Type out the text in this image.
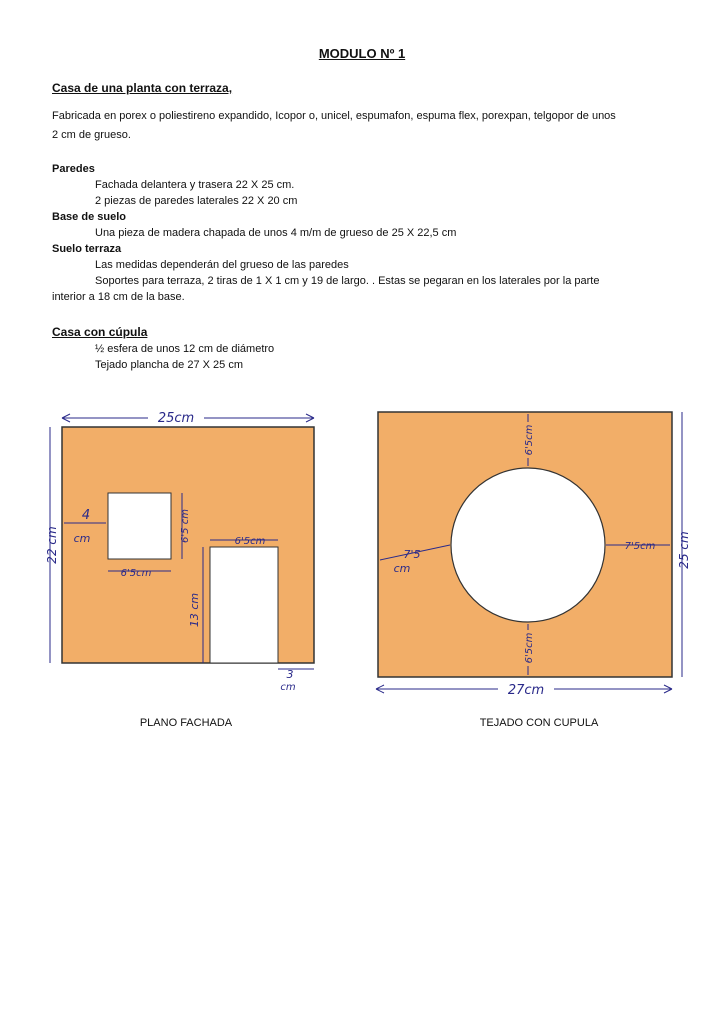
MODULO Nº 1
Casa de una planta con terraza,
Fabricada en porex o poliestireno expandido, Icopor o, unicel, espumafon, espuma flex, porexpan, telgopor de unos
2 cm de grueso.
Paredes
Fachada delantera y trasera 22 X 25 cm.
2 piezas de paredes laterales 22 X 20 cm
Base de suelo
Una pieza de madera chapada de unos 4 m/m de grueso de 25 X 22,5 cm
Suelo terraza
Las medidas dependerán del grueso de las paredes
Soportes para terraza, 2 tiras de 1 X 1 cm y 19 de largo. . Estas se pegaran en los laterales por la parte
interior a 18 cm de la base.
Casa con cúpula
½ esfera de unos 12 cm de diámetro
Tejado plancha de 27 X 25 cm
25cm
22 cm
4
cm	6'5 cm
6'5cm
6'5cm
13 cm
3
cm
PLANO FACHADA
6'5cm
6'5cm
7'5
cm
7'5cm
27cm
25 cm
TEJADO CON CUPULA
